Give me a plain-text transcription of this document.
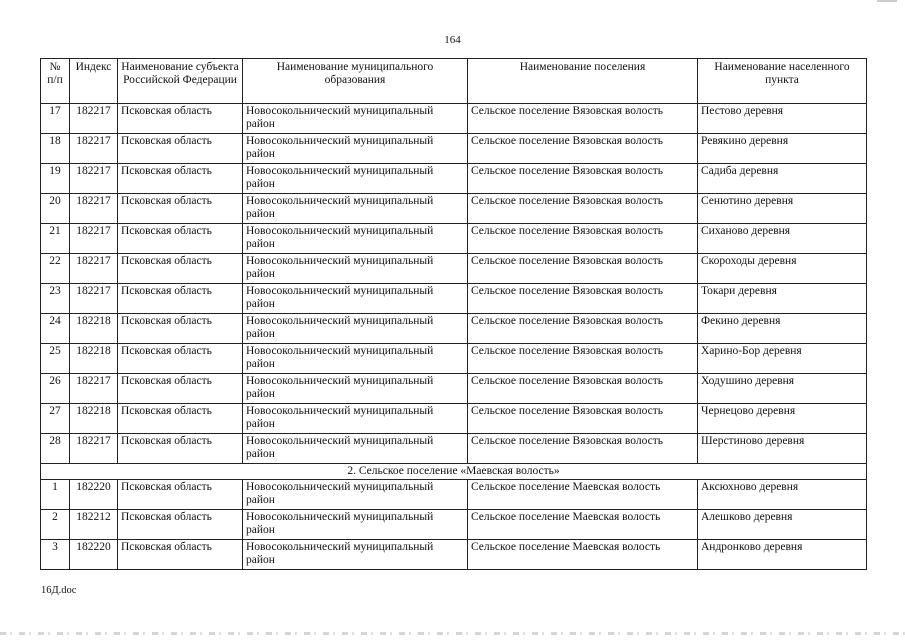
164
№ п/п	Индекс	Наименование субъекта Российской Федерации	Наименование муниципального образования	Наименование поселения	Наименование населенного пункта
17	182217	Псковская область	Новосокольнический муниципальный район	Сельское поселение Вязовская волость	Пестово деревня
18	182217	Псковская область	Новосокольнический муниципальный район	Сельское поселение Вязовская волость	Ревякино деревня
19	182217	Псковская область	Новосокольнический муниципальный район	Сельское поселение Вязовская волость	Садиба деревня
20	182217	Псковская область	Новосокольнический муниципальный район	Сельское поселение Вязовская волость	Сенютино деревня
21	182217	Псковская область	Новосокольнический муниципальный район	Сельское поселение Вязовская волость	Сиханово деревня
22	182217	Псковская область	Новосокольнический муниципальный район	Сельское поселение Вязовская волость	Скороходы деревня
23	182217	Псковская область	Новосокольнический муниципальный район	Сельское поселение Вязовская волость	Токари деревня
24	182218	Псковская область	Новосокольнический муниципальный район	Сельское поселение Вязовская волость	Фекино деревня
25	182218	Псковская область	Новосокольнический муниципальный район	Сельское поселение Вязовская волость	Харино-Бор деревня
26	182217	Псковская область	Новосокольнический муниципальный район	Сельское поселение Вязовская волость	Ходушино деревня
27	182218	Псковская область	Новосокольнический муниципальный район	Сельское поселение Вязовская волость	Чернецово деревня
28	182217	Псковская область	Новосокольнический муниципальный район	Сельское поселение Вязовская волость	Шерстиново деревня
2. Сельское поселение «Маевская волость»					
1	182220	Псковская область	Новосокольнический муниципальный район	Сельское поселение Маевская волость	Аксюхново деревня
2	182212	Псковская область	Новосокольнический муниципальный район	Сельское поселение Маевская волость	Алешково деревня
3	182220	Псковская область	Новосокольнический муниципальный район	Сельское поселение Маевская волость	Андронково деревня
16Д.doc
